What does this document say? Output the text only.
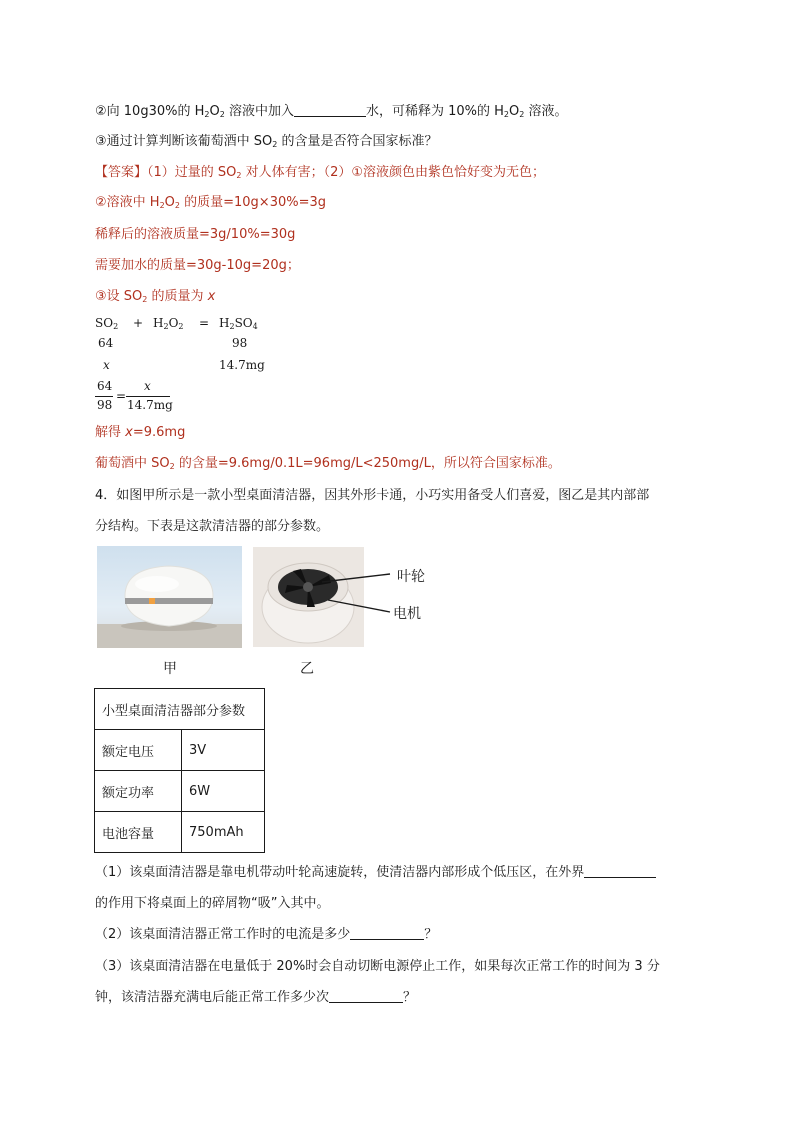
②向 10g30%的 $H_2O_2$ 溶液中加入	水，可稀释为 10%的 $H_2O_2$ 溶液。
③通过计算判断该葡萄酒中 $SO_2$ 的含量是否符合国家标准？
【答案】（1）过量的 $SO_2$ 对人体有害；（2）①溶液颜色由紫色恰好变为无色；
②溶液中 $H_2O_2$ 的质量=10g×30%=3g
稀释后的溶液质量=3g/10%=30g
需要加水的质量=30g-10g=20g；
③设 $SO_2$ 的质量为 x
$SO_2 + H_2O_2 = H_2SO_4$
64	98
x	14.7mg
64
98
=
x
14.7mg
解得 x=9.6mg
葡萄酒中 $SO_2$ 的含量=9.6mg/0.1L=96mg/L<250mg/L，所以符合国家标准。
4．如图甲所示是一款小型桌面清洁器，因其外形卡通，小巧实用备受人们喜爱，图乙是其内部部
分结构。下表是这款清洁器的部分参数。
甲	乙
叶轮
电机
小型桌面清洁器部分参数	
额定电压	3V
额定功率	6W
电池容量	750mAh
（1）该桌面清洁器是靠电机带动叶轮高速旋转，使清洁器内部形成个低压区，在外界
的作用下将桌面上的碎屑物“吸”入其中。
（2）该桌面清洁器正常工作时的电流是多少	？
（3）该桌面清洁器在电量低于 20%时会自动切断电源停止工作，如果每次正常工作的时间为 3 分
钟，该清洁器充满电后能正常工作多少次	？
